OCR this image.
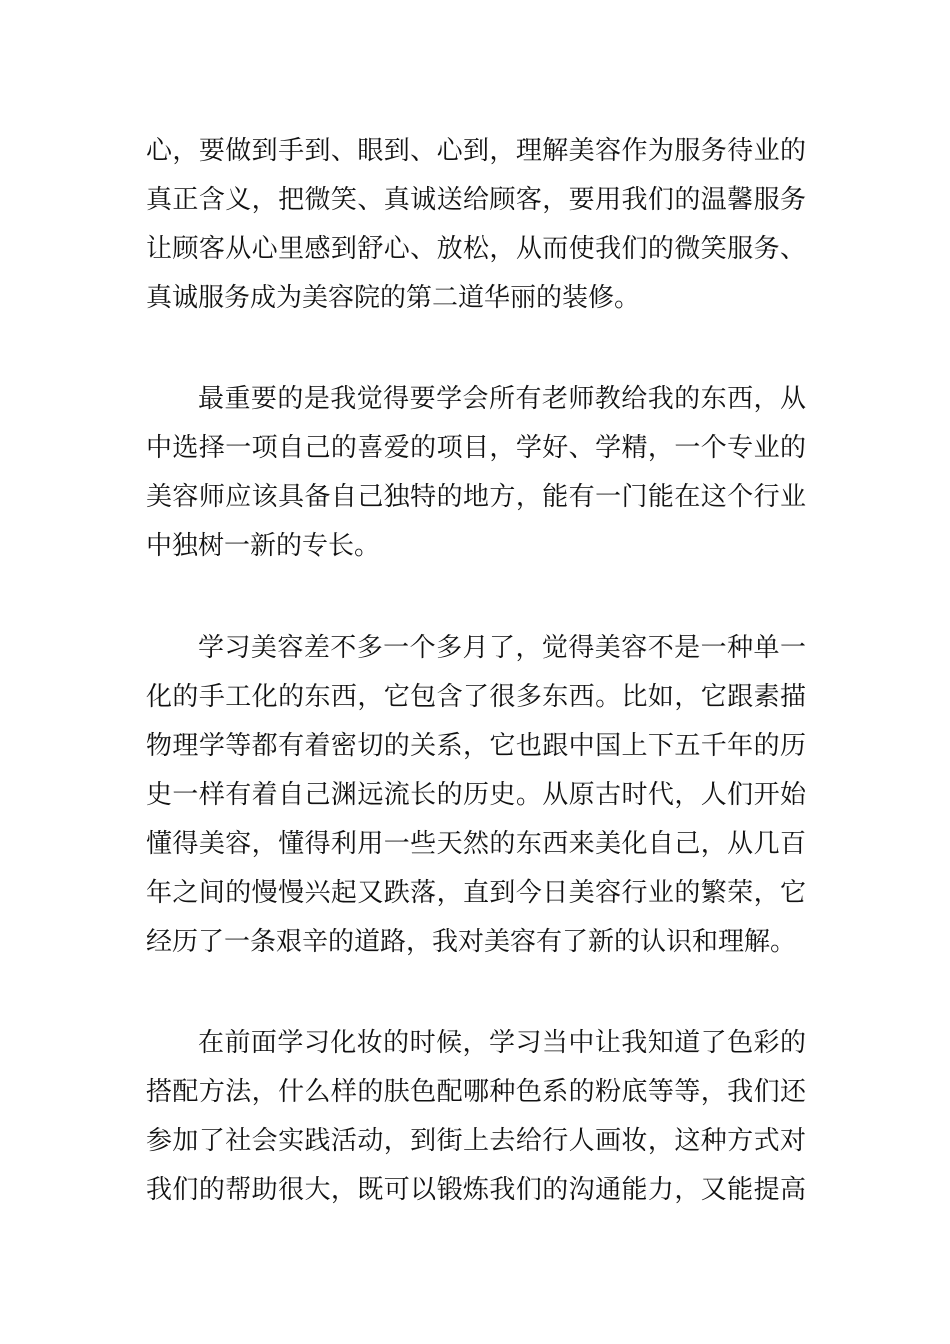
心，要做到手到、眼到、心到，理解美容作为服务待业的
真正含义，把微笑、真诚送给顾客，要用我们的温馨服务
让顾客从心里感到舒心、放松，从而使我们的微笑服务、
真诚服务成为美容院的第二道华丽的装修。
最重要的是我觉得要学会所有老师教给我的东西，从
中选择一项自己的喜爱的项目，学好、学精，一个专业的
美容师应该具备自己独特的地方，能有一门能在这个行业
中独树一新的专长。
学习美容差不多一个多月了，觉得美容不是一种单一
化的手工化的东西，它包含了很多东西。比如，它跟素描
物理学等都有着密切的关系，它也跟中国上下五千年的历
史一样有着自己渊远流长的历史。从原古时代，人们开始
懂得美容，懂得利用一些天然的东西来美化自己，从几百
年之间的慢慢兴起又跌落，直到今日美容行业的繁荣，它
经历了一条艰辛的道路，我对美容有了新的认识和理解。
在前面学习化妆的时候，学习当中让我知道了色彩的
搭配方法，什么样的肤色配哪种色系的粉底等等，我们还
参加了社会实践活动，到街上去给行人画妆，这种方式对
我们的帮助很大，既可以锻炼我们的沟通能力，又能提高
